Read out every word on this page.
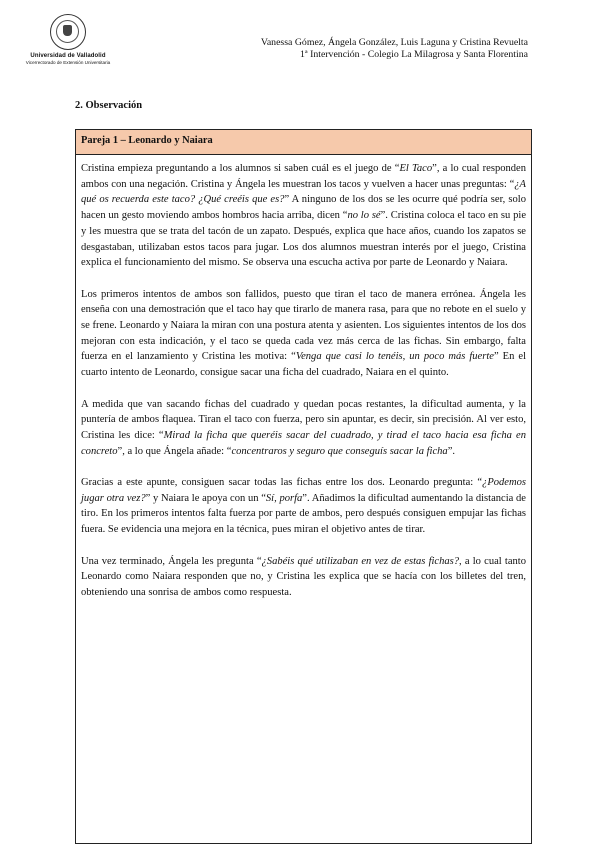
Universidad de Valladolid
Vicerrectorado de Extensión Universitaria
Vanessa Gómez, Ángela González, Luis Laguna y Cristina Revuelta
1ª Intervención - Colegio La Milagrosa y Santa Florentina
2. Observación
Pareja 1 – Leonardo y Naiara

Cristina empieza preguntando a los alumnos si saben cuál es el juego de “El Taco”, a lo cual responden ambos con una negación. Cristina y Ángela les muestran los tacos y vuelven a hacer unas preguntas: “¿A qué os recuerda este taco? ¿Qué creéis que es?” A ninguno de los dos se les ocurre qué podría ser, solo hacen un gesto moviendo ambos hombros hacia arriba, dicen “no lo sé”. Cristina coloca el taco en su pie y les muestra que se trata del tacón de un zapato. Después, explica que hace años, cuando los zapatos se desgastaban, utilizaban estos tacos para jugar. Los dos alumnos muestran interés por el juego, Cristina explica el funcionamiento del mismo. Se observa una escucha activa por parte de Leonardo y Naiara.

Los primeros intentos de ambos son fallidos, puesto que tiran el taco de manera errónea. Ángela les enseña con una demostración que el taco hay que tirarlo de manera rasa, para que no rebote en el suelo y se frene. Leonardo y Naiara la miran con una postura atenta y asienten. Los siguientes intentos de los dos mejoran con esta indicación, y el taco se queda cada vez más cerca de las fichas. Sin embargo, falta fuerza en el lanzamiento y Cristina les motiva: “Venga que casi lo tenéis, un poco más fuerte” En el cuarto intento de Leonardo, consigue sacar una ficha del cuadrado, Naiara en el quinto.

A medida que van sacando fichas del cuadrado y quedan pocas restantes, la dificultad aumenta, y la puntería de ambos flaquea. Tiran el taco con fuerza, pero sin apuntar, es decir, sin precisión. Al ver esto, Cristina les dice: “Mirad la ficha que queréis sacar del cuadrado, y tirad el taco hacia esa ficha en concreto”, a lo que Ángela añade: “concentraros y seguro que conseguís sacar la ficha”.

Gracias a este apunte, consiguen sacar todas las fichas entre los dos. Leonardo pregunta: “¿Podemos jugar otra vez?” y Naiara le apoya con un “Sí, porfa”. Añadimos la dificultad aumentando la distancia de tiro. En los primeros intentos falta fuerza por parte de ambos, pero después consiguen empujar las fichas fuera. Se evidencia una mejora en la técnica, pues miran el objetivo antes de tirar.

Una vez terminado, Ángela les pregunta “¿Sabéis qué utilizaban en vez de estas fichas?, a lo cual tanto Leonardo como Naiara responden que no, y Cristina les explica que se hacía con los billetes del tren, obteniendo una sonrisa de ambos como respuesta.
